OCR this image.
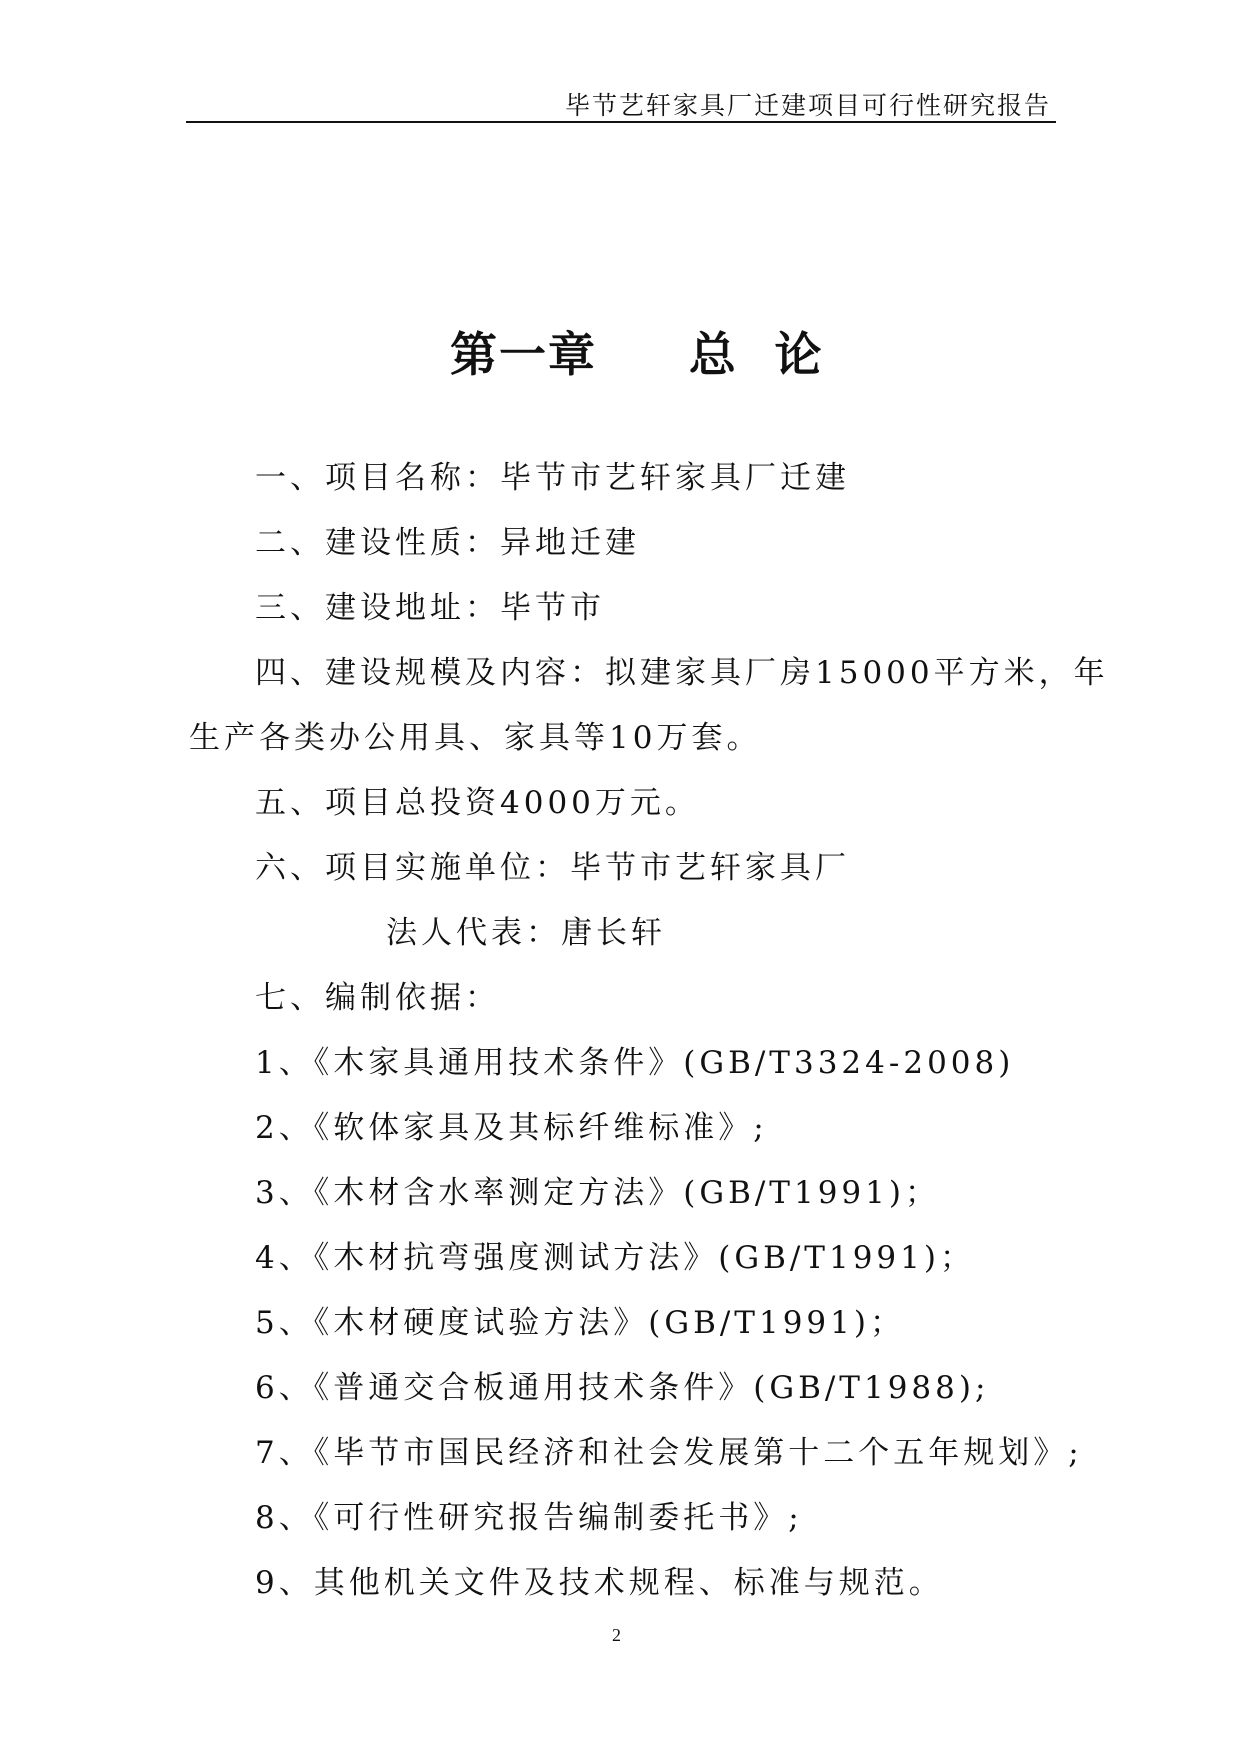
毕节艺轩家具厂迁建项目可行性研究报告
第一章     总  论
一、项目名称：毕节市艺轩家具厂迁建
二、建设性质：异地迁建
三、建设地址：毕节市
四、建设规模及内容：拟建家具厂房15000平方米，年
生产各类办公用具、家具等10万套。
五、项目总投资4000万元。
六、项目实施单位：毕节市艺轩家具厂
法人代表：唐长轩
七、编制依据：
1、《木家具通用技术条件》(GB/T3324-2008)
2、《软体家具及其标纤维标准》;
3、《木材含水率测定方法》(GB/T1991)；
4、《木材抗弯强度测试方法》(GB/T1991)；
5、《木材硬度试验方法》(GB/T1991)；
6、《普通交合板通用技术条件》(GB/T1988);
7、《毕节市国民经济和社会发展第十二个五年规划》;
8、《可行性研究报告编制委托书》;
9、其他机关文件及技术规程、标准与规范。
2
